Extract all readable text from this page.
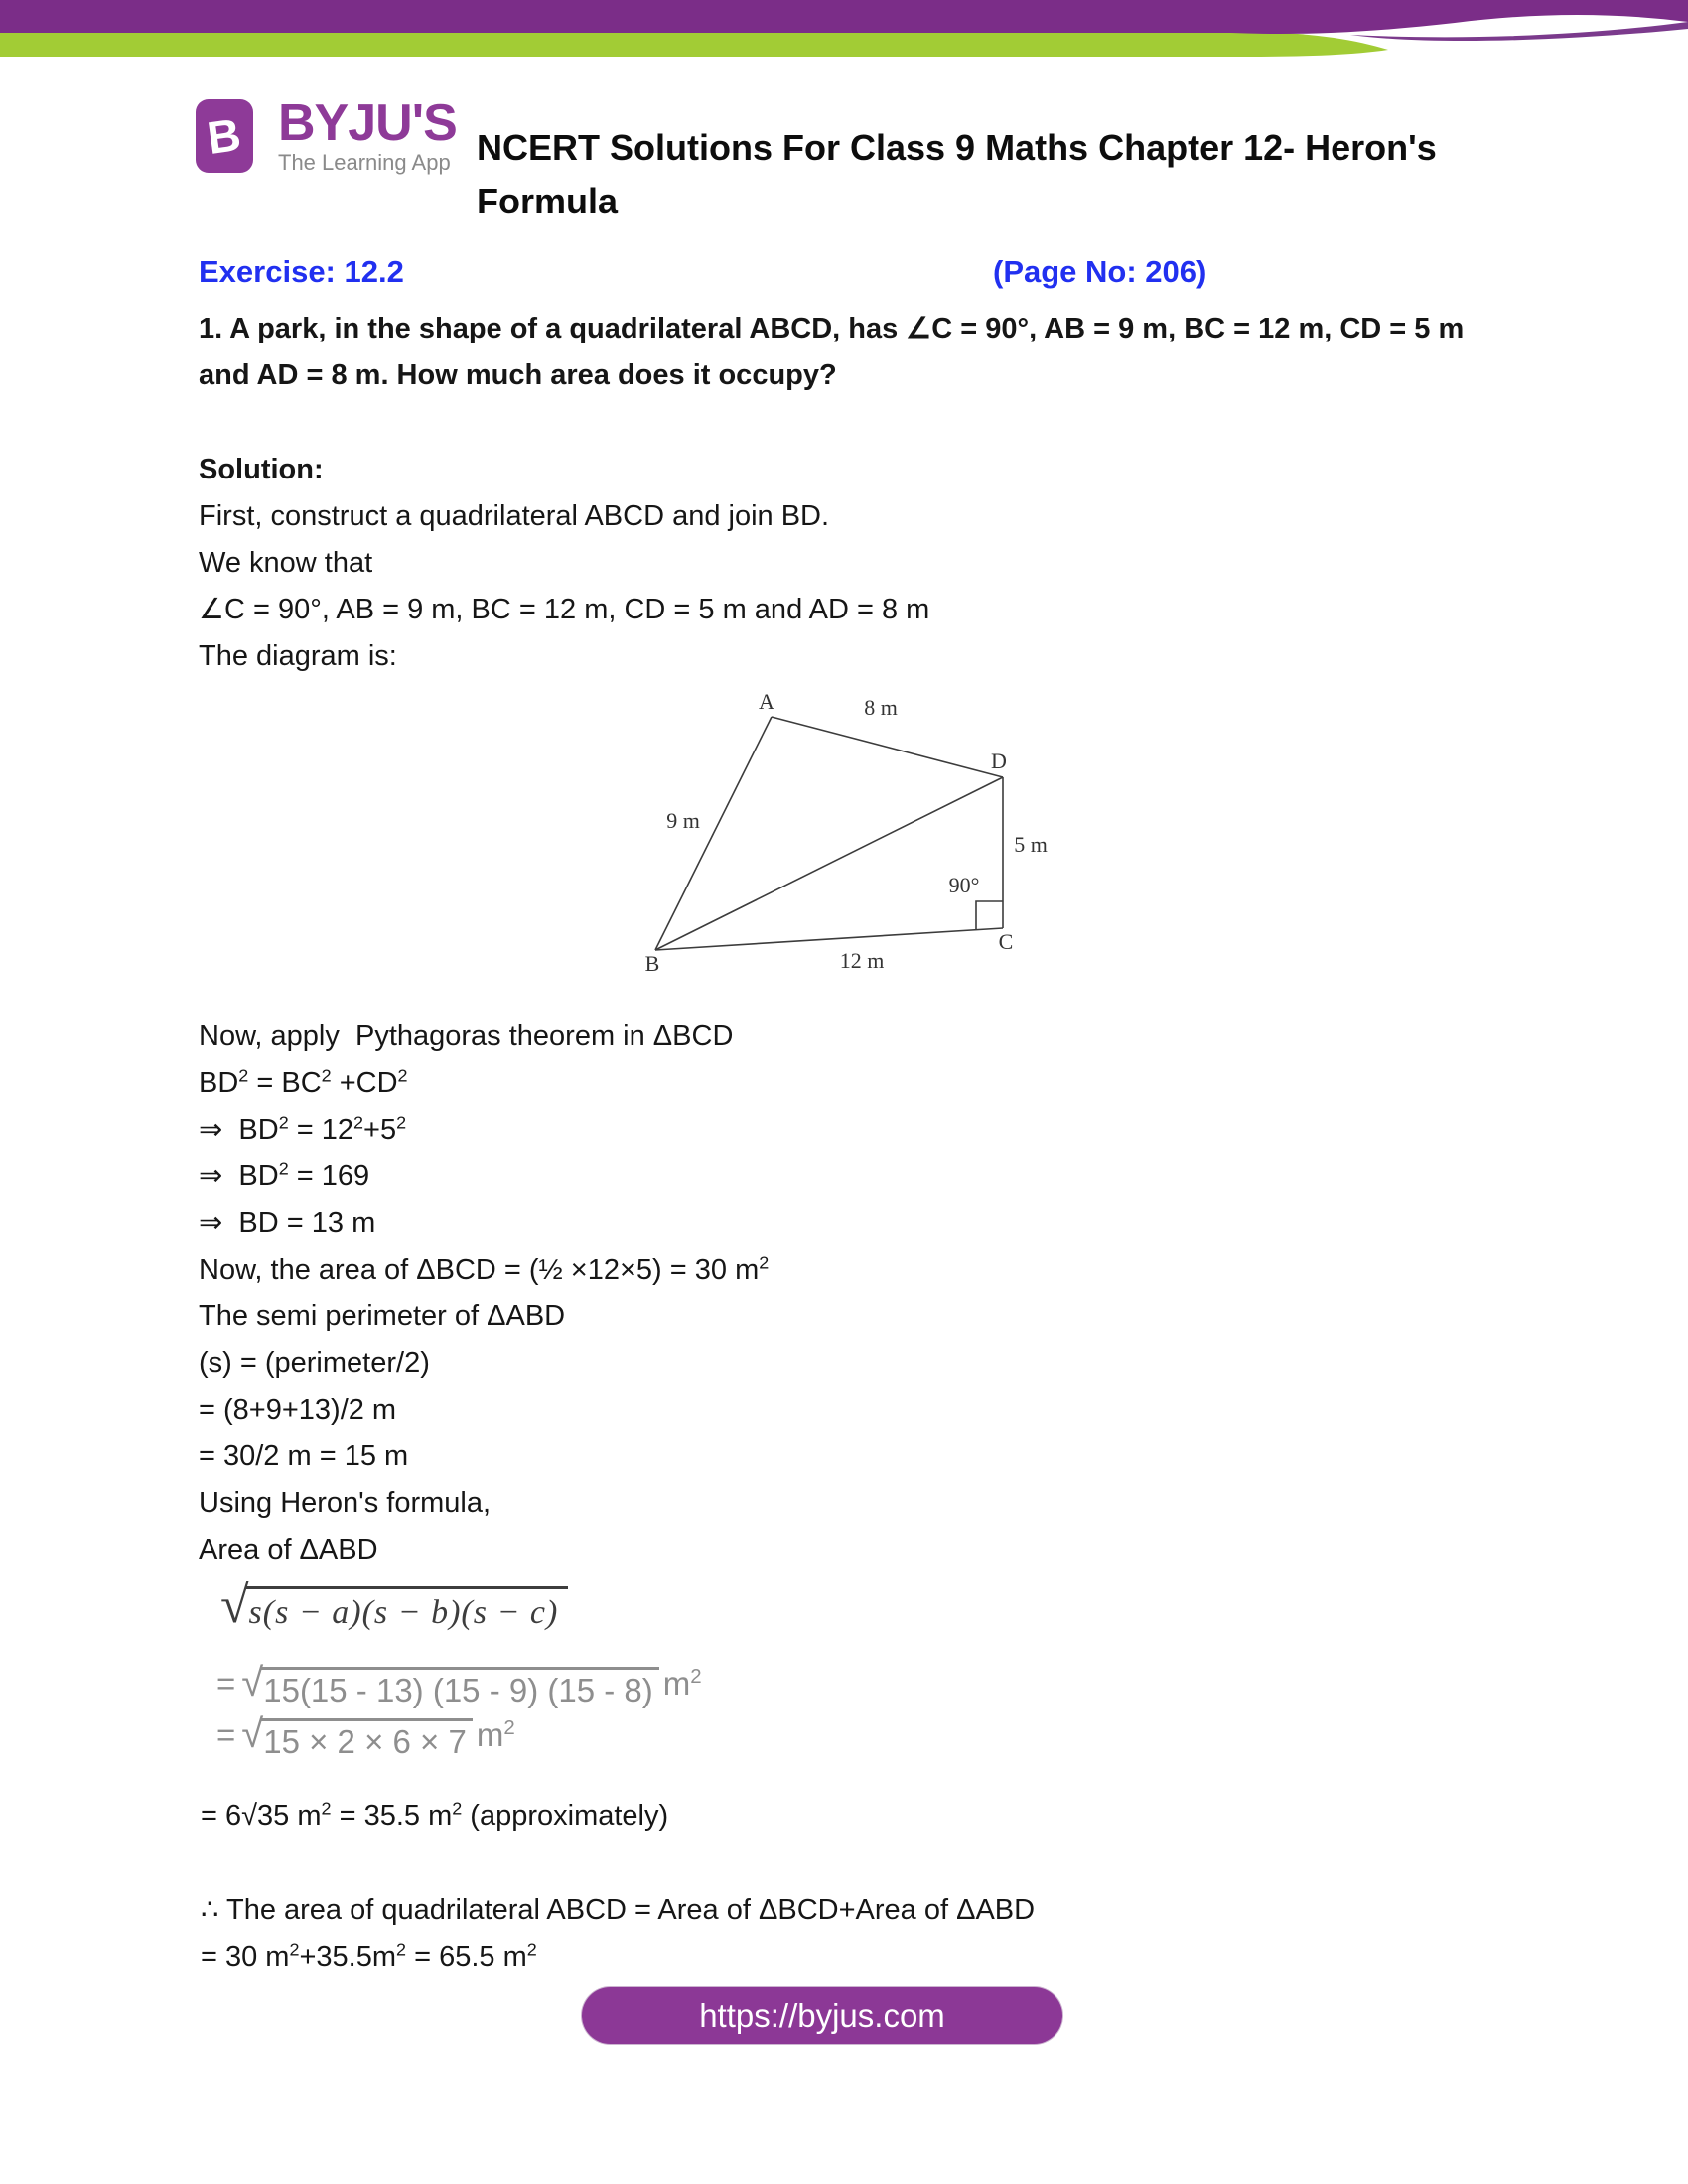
B BYJU'S
The Learning App NCERT Solutions For Class 9 Maths Chapter 12- Heron's
Formula
Exercise: 12.2	(Page No: 206)
1. A park, in the shape of a quadrilateral ABCD, has ∠C = 90°, AB = 9 m, BC = 12 m, CD = 5 m
and AD = 8 m. How much area does it occupy?
Solution:
First, construct a quadrilateral ABCD and join BD.
We know that
∠C = 90°, AB = 9 m, BC = 12 m, CD = 5 m and AD = 8 m
The diagram is:
A
D
B
C
8 m
9 m
5 m
90°
12 m
Now, apply  Pythagoras theorem in ΔBCD
$BD^2 = BC^2 +CD^2$
⇒  $BD^2 = 12^2+5^2$
⇒  $BD^2 = 169$
⇒  BD = 13 m
Now, the area of ΔBCD = (½ ×12×5) = 30 $m^2$
The semi perimeter of ΔABD
(s) = (perimeter/2)
= (8+9+13)/2 m
= 30/2 m = 15 m
Using Heron's formula,
Area of ΔABD
√ s(s − a)(s − b)(s − c)
= √ 15(15 - 13) (15 - 9) (15 - 8) $m^2$
= √ 15 × 2 × 6 × 7 $m^2$
= 6√35 $m^2 = 35.5$ $m^2$ (approximately)
∴ The area of quadrilateral ABCD = Area of ΔBCD+Area of ΔABD
= 30 $m^2+35.5m^2 = 65.5$ $m^2$
https://byjus.com
